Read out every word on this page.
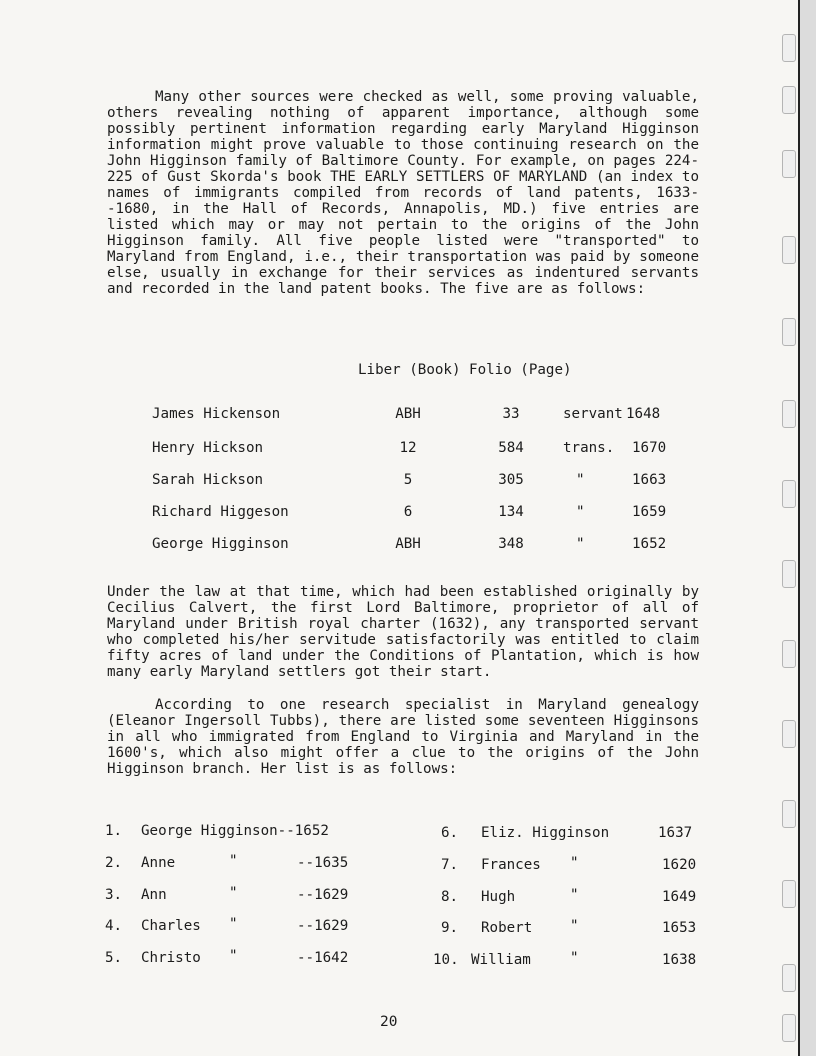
Many other sources were checked as well, some proving valuable, others revealing nothing of apparent importance, although some possibly pertinent information regarding early Maryland Higginson information might prove valuable to those continuing research on the John Higginson family of Baltimore County. For example, on pages 224-225 of Gust Skorda's book THE EARLY SETTLERS OF MARYLAND (an index to names of immigrants compiled from records of land patents, 1633--1680, in the Hall of Records, Annapolis, MD.) five entries are listed which may or may not pertain to the origins of the John Higginson family. All five people listed were "transported" to Maryland from England, i.e., their transportation was paid by someone else, usually in exchange for their services as indentured servants and recorded in the land patent books. The five are as follows:

Liber (Book) Folio (Page)
James Hickenson	ABH	33	servant 1648
Henry Hickson	12	584	trans. 1670
Sarah Hickson	5	305	"	1663
Richard Higgeson	6	134	"	1659
George Higginson	ABH	348	"	1652

Under the law at that time, which had been established originally by Cecilius Calvert, the first Lord Baltimore, proprietor of all of Maryland under British royal charter (1632), any transported servant who completed his/her servitude satisfactorily was entitled to claim fifty acres of land under the Conditions of Plantation, which is how many early Maryland settlers got their start.

According to one research specialist in Maryland genealogy (Eleanor Ingersoll Tubbs), there are listed some seventeen Higginsons in all who immigrated from England to Virginia and Maryland in the 1600's, which also might offer a clue to the origins of the John Higginson branch. Her list is as follows:

1. George Higginson--1652
2. Anne	"	--1635
3. Ann	"	--1629
4. Charles "	--1629
5. Christo "	--1642
6. Eliz. Higginson	1637
7. Frances "	1620
8. Hugh	"	1649
9. Robert	"	1653
10. William	"	1638
20
